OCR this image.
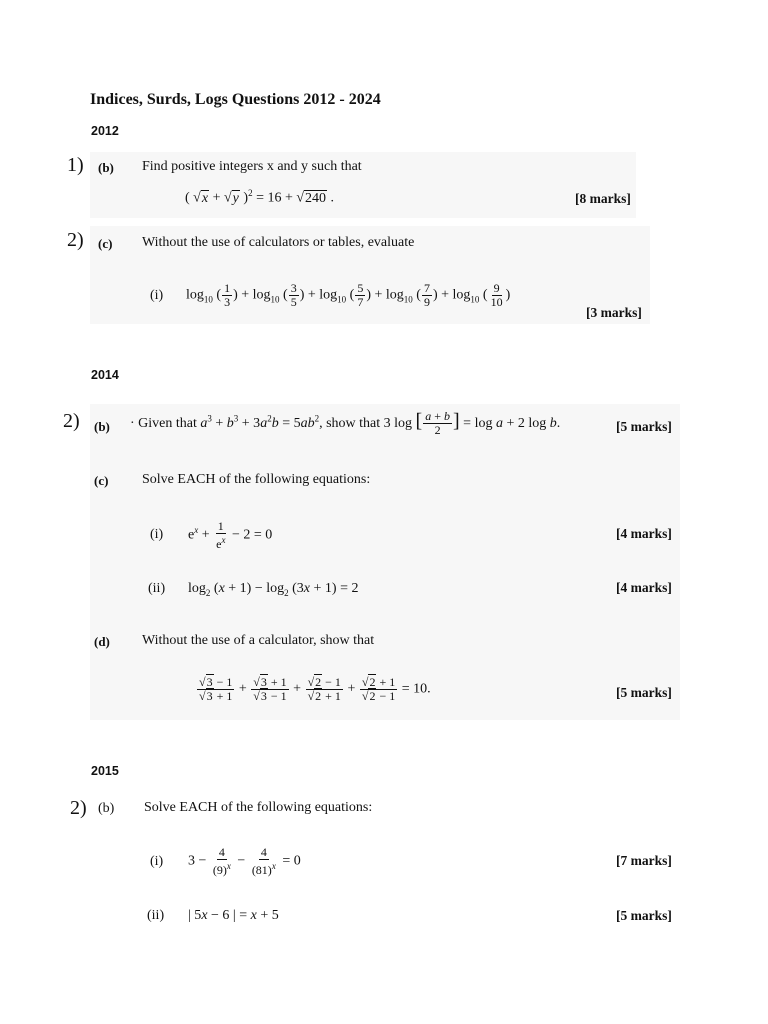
Indices, Surds, Logs Questions 2012 - 2024
2012
1) (b) Find positive integers x and y such that
( √x + √y )$^2$ = 16 + √240 .	[8 marks]
2) (c) Without the use of calculators or tables, evaluate
(i) $\log_{10}$ ( $\frac{1}{3}$ ) + $\log_{10}$ ( $\frac{3}{5}$ ) + $\log_{10}$ ( $\frac{5}{7}$ ) + $\log_{10}$ ( $\frac{7}{9}$ ) + $\log_{10}$ ( $\frac{9}{10}$ )
[3 marks]
2014
2) (b) · Given that $a^3 + b^3 + 3a^2b = 5ab^2$, show that 3 log [ $\frac{a + b}{2}$ ] = log a + 2 log b.	[5 marks]
(c) Solve EACH of the following equations:
(i) $e^x + \frac{1}{e^x} - 2 = 0$	[4 marks]
(ii) $\log_2 (x + 1) - \log_2 (3x + 1) = 2$	[4 marks]
(d) Without the use of a calculator, show that
$\frac{√3 - 1}{√3 + 1} + \frac{√3 + 1}{√3 - 1} + \frac{√2 - 1}{√2 + 1} + \frac{√2 + 1}{√2 - 1} = 10$.	[5 marks]
2015
2) (b) Solve EACH of the following equations:
(i) $3 - \frac{4}{(9)^x} - \frac{4}{(81)^x} = 0$	[7 marks]
(ii) | 5x − 6 | = x + 5	[5 marks]
